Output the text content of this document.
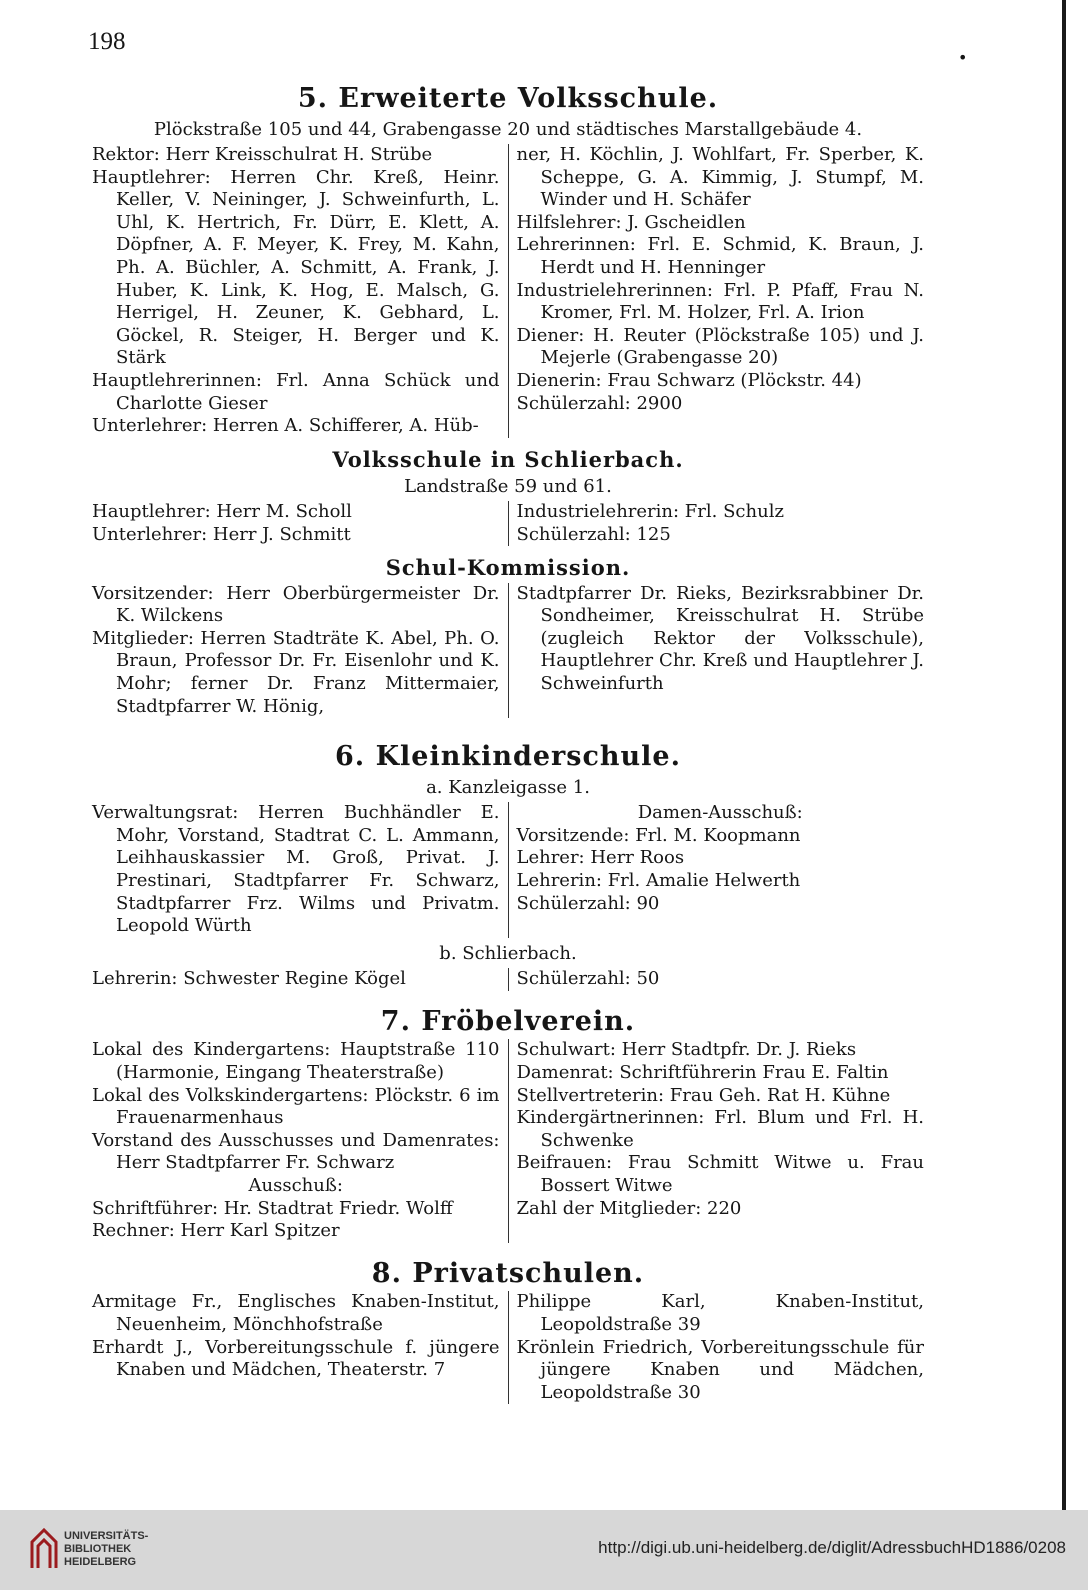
•
198
5. Erweiterte Volksschule.
Plöckstraße 105 und 44, Grabengasse 20 und städtisches Marstallgebäude 4.

Rektor: Herr Kreisschulrat H. Strübe

Hauptlehrer: Herren Chr. Kreß, Heinr. Keller, V. Neininger, J. Schweinfurth, L. Uhl, K. Hertrich, Fr. Dürr, E. Klett, A. Döpfner, A. F. Meyer, K. Frey, M. Kahn, Ph. A. Büchler, A. Schmitt, A. Frank, J. Huber, K. Link, K. Hog, E. Malsch, G. Herrigel, H. Zeuner, K. Gebhard, L. Göckel, R. Steiger, H. Berger und K. Stärk

Hauptlehrerinnen: Frl. Anna Schück und Charlotte Gieser

Unterlehrer: Herren A. Schifferer, A. Hüb-

ner, H. Köchlin, J. Wohlfart, Fr. Sperber, K. Scheppe, G. A. Kimmig, J. Stumpf, M. Winder und H. Schäfer

Hilfslehrer: J. Gscheidlen

Lehrerinnen: Frl. E. Schmid, K. Braun, J. Herdt und H. Henninger

Industrielehrerinnen: Frl. P. Pfaff, Frau N. Kromer, Frl. M. Holzer, Frl. A. Irion

Diener: H. Reuter (Plöckstraße 105) und J. Mejerle (Grabengasse 20)

Dienerin: Frau Schwarz (Plöckstr. 44)

Schülerzahl: 2900

Volksschule in Schlierbach.
Landstraße 59 und 61.

Hauptlehrer: Herr M. Scholl

Unterlehrer: Herr J. Schmitt

Industrielehrerin: Frl. Schulz

Schülerzahl: 125

Schul-Kommission.

Vorsitzender: Herr Oberbürgermeister Dr. K. Wilckens

Mitglieder: Herren Stadträte K. Abel, Ph. O. Braun, Professor Dr. Fr. Eisenlohr und K. Mohr; ferner Dr. Franz Mittermaier, Stadtpfarrer W. Hönig,

Stadtpfarrer Dr. Rieks, Bezirksrabbiner Dr. Sondheimer, Kreisschulrat H. Strübe (zugleich Rektor der Volksschule), Hauptlehrer Chr. Kreß und Hauptlehrer J. Schweinfurth

6. Kleinkinderschule.
a. Kanzleigasse 1.

Verwaltungsrat: Herren Buchhändler E. Mohr, Vorstand, Stadtrat C. L. Ammann, Leihhauskassier M. Groß, Privat. J. Prestinari, Stadtpfarrer Fr. Schwarz, Stadtpfarrer Frz. Wilms und Privatm. Leopold Würth

Damen-Ausschuß:

Vorsitzende: Frl. M. Koopmann

Lehrer: Herr Roos

Lehrerin: Frl. Amalie Helwerth

Schülerzahl: 90

b. Schlierbach.

Lehrerin: Schwester Regine Kögel	Schülerzahl: 50

7. Fröbelverein.

Lokal des Kindergartens: Hauptstraße 110 (Harmonie, Eingang Theaterstraße)

Lokal des Volkskindergartens: Plöckstr. 6 im Frauenarmenhaus

Vorstand des Ausschusses und Damenrates: Herr Stadtpfarrer Fr. Schwarz

Ausschuß:

Schriftführer: Hr. Stadtrat Friedr. Wolff

Rechner: Herr Karl Spitzer

Schulwart: Herr Stadtpfr. Dr. J. Rieks

Damenrat: Schriftführerin Frau E. Faltin

Stellvertreterin: Frau Geh. Rat H. Kühne

Kindergärtnerinnen: Frl. Blum und Frl. H. Schwenke

Beifrauen: Frau Schmitt Witwe u. Frau Bossert Witwe

Zahl der Mitglieder: 220

8. Privatschulen.

Armitage Fr., Englisches Knaben-Institut, Neuenheim, Mönchhofstraße

Erhardt J., Vorbereitungsschule f. jüngere Knaben und Mädchen, Theaterstr. 7

Philippe Karl, Knaben-Institut, Leopoldstraße 39

Krönlein Friedrich, Vorbereitungsschule für jüngere Knaben und Mädchen, Leopoldstraße 30

UNIVERSITÄTS-
BIBLIOTHEK
HEIDELBERG
http://digi.ub.uni-heidelberg.de/diglit/AdressbuchHD1886/0208
